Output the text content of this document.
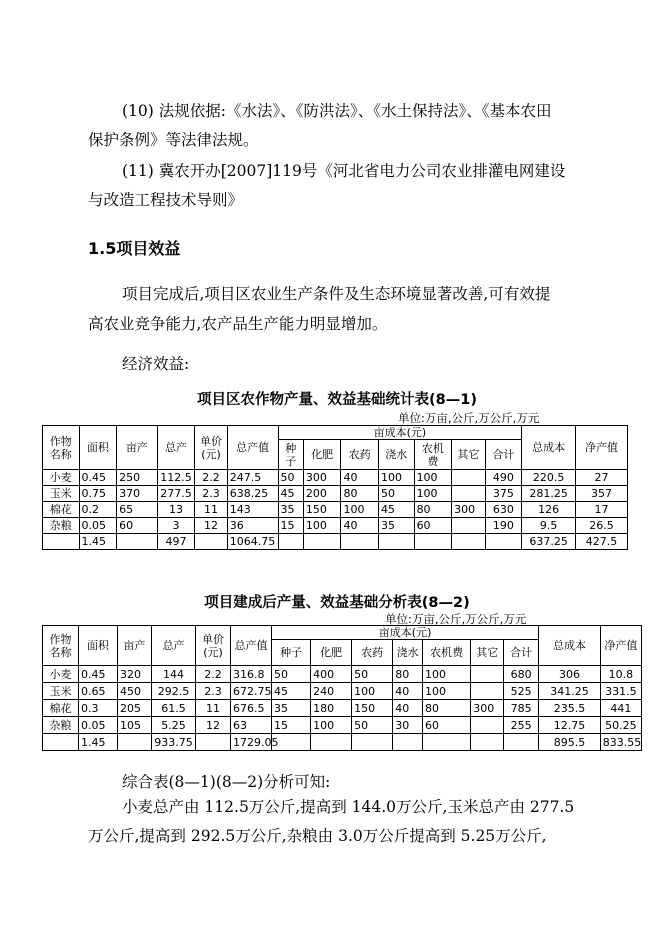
(10) 法规依据:《水法》、《防洪法》、《水土保持法》、《基本农田
保护条例》等法律法规。
(11) 冀农开办[2007]119号《河北省电力公司农业排灌电网建设
与改造工程技术导则》
1.5项目效益
项目完成后,项目区农业生产条件及生态环境显著改善,可有效提
高农业竞争能力,农产品生产能力明显增加。
经济效益:
项目区农作物产量、效益基础统计表(8—1)
单位:万亩,公斤,万公斤,万元
作物名称	面积	亩产	总产	单价(元)	总产值	亩成本(元)							总成本	净产值
						种子	化肥	农药	浇水	农机费	其它	合计		
小麦	0.45	250	112.5	2.2	247.5	50	300	40	100	100		490	220.5	27
玉米	0.75	370	277.5	2.3	638.25	45	200	80	50	100		375	281.25	357
棉花	0.2	65	13	11	143	35	150	100	45	80	300	630	126	17
杂粮	0.05	60	3	12	36	15	100	40	35	60		190	9.5	26.5
	1.45		497		1064.75								637.25	427.5
项目建成后产量、效益基础分析表(8—2)
单位:万亩,公斤,万公斤,万元
作物名称	面积	亩产	总产	单价(元)	总产值	亩成本(元)							总成本	净产值
						种子	化肥	农药	浇水	农机费	其它	合计		
小麦	0.45	320	144	2.2	316.8	50	400	50	80	100		680	306	10.8
玉米	0.65	450	292.5	2.3	672.75	45	240	100	40	100		525	341.25	331.5
棉花	0.3	205	61.5	11	676.5	35	180	150	40	80	300	785	235.5	441
杂粮	0.05	105	5.25	12	63	15	100	50	30	60		255	12.75	50.25
	1.45		933.75		1729.05								895.5	833.55
综合表(8—1)(8—2)分析可知:
小麦总产由 112.5万公斤,提高到 144.0万公斤,玉米总产由 277.5
万公斤,提高到 292.5万公斤,杂粮由 3.0万公斤提高到 5.25万公斤,
